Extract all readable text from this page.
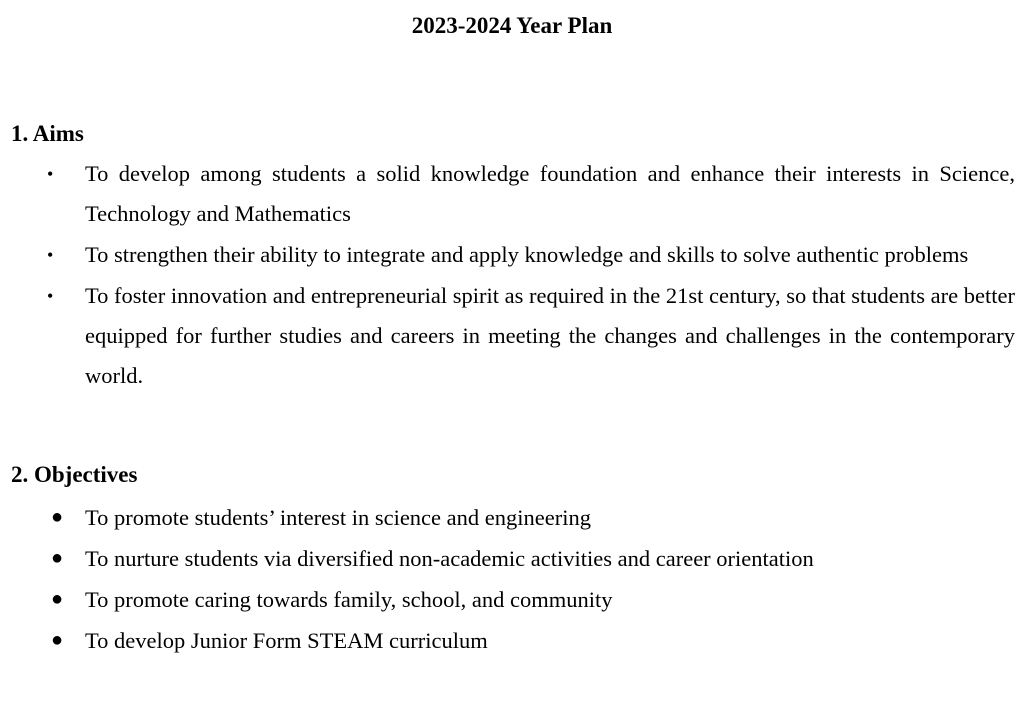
2023-2024 Year Plan
1. Aims
• To develop among students a solid knowledge foundation and enhance their interests in Science, Technology and Mathematics
• To strengthen their ability to integrate and apply knowledge and skills to solve authentic problems
• To foster innovation and entrepreneurial spirit as required in the 21st century, so that students are better equipped for further studies and careers in meeting the changes and challenges in the contemporary world.
2. Objectives
● To promote students’ interest in science and engineering
● To nurture students via diversified non-academic activities and career orientation
● To promote caring towards family, school, and community
● To develop Junior Form STEAM curriculum
